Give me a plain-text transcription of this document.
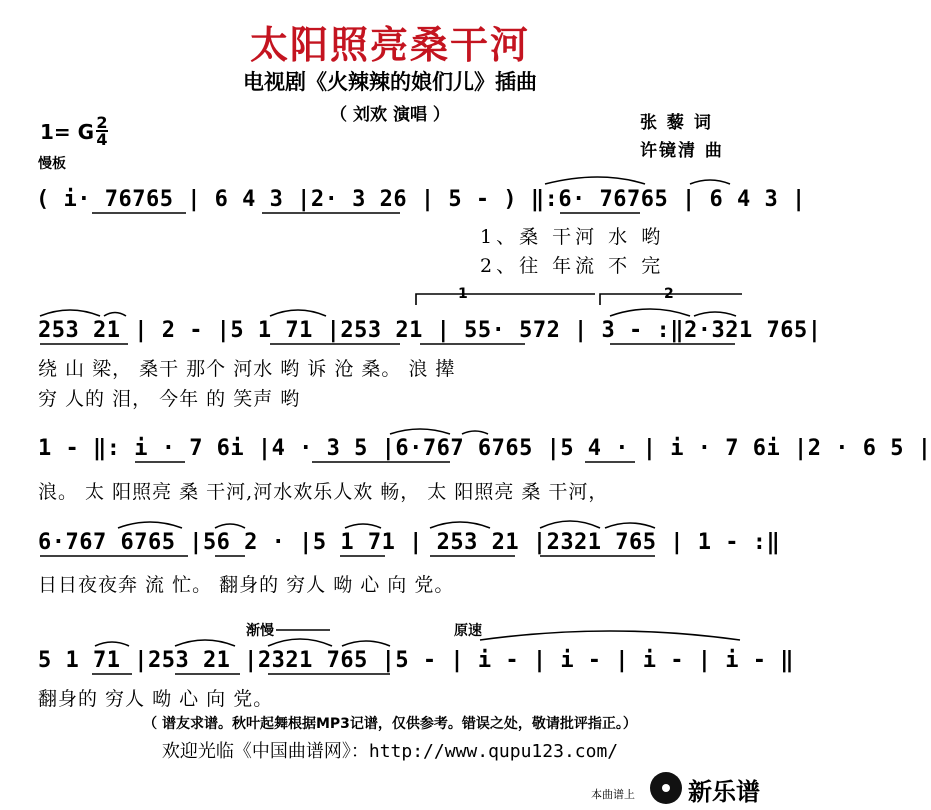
太阳照亮桑干河
电视剧《火辣辣的娘们儿》插曲
（ 刘欢 演唱 ）
1= G 2
4
慢板
张 藜 词
许镜清 曲
( i· 76765 | 6 4 3 |2· 3 26 | 5 - ) ‖:6· 76765 | 6 4 3 |
1、桑 干河 水 哟
2、往 年流 不 完
1	2
253 21 | 2 - |5 1 71 |253 21 | 55· 572 | 3 - :‖2·321 765|
绕 山 梁， 桑干 那个 河水 哟 诉 沧 桑。 浪 撵
穷 人的 泪， 今年 的 笑声 哟
1 - ‖: i · 7 6i |4 · 3 5 |6·767 6765 |5 4 · | i · 7 6i |2 · 6 5 |
浪。 太 阳照亮 桑 干河,河水欢乐人欢 畅， 太 阳照亮 桑 干河，
6·767 6765 |56 2 · |5 1 71 | 253 21 |2321 765 | 1 - :‖
日日夜夜奔 流 忙。 翻身的 穷人 呦 心 向 党。
渐慢	原速
5 1 71 |253 21 |2321 765 |5 - | i - | i - | i - | i - ‖
翻身的 穷人 呦 心 向 党。
（ 谱友求谱。秋叶起舞根据MP3记谱，仅供参考。错误之处，敬请批评指正。）
欢迎光临《中国曲谱网》：http://www.qupu123.com/
本曲谱上 新乐谱
